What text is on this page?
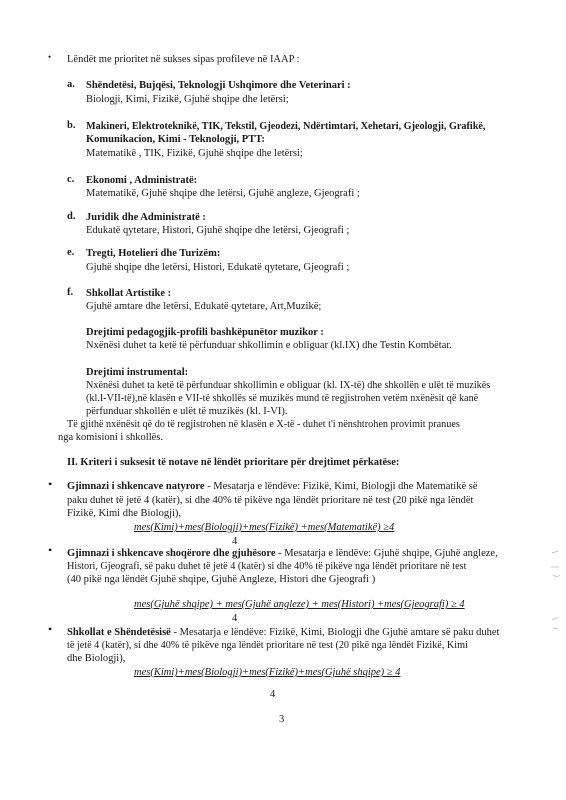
• Lëndët me prioritet në sukses sipas profileve në IAAP :
a. Shëndetësi, Bujqësi, Teknologji Ushqimore dhe Veterinari :
Biologji, Kimi, Fizikë, Gjuhë shqipe dhe letërsi;
b. Makineri, Elektroteknikë, TIK, Tekstil, Gjeodezi, Ndërtimtari, Xehetari, Gjeologji, Grafikë,
Komunikacion, Kimi - Teknologji, PTT:
Matematikë , TIK, Fizikë, Gjuhë shqipe dhe letërsi;
c. Ekonomi , Administratë:
Matematikë, Gjuhë shqipe dhe letërsi, Gjuhë angleze, Gjeografi ;
d. Juridik dhe Administratë :
Edukatë qytetare, Histori, Gjuhë shqipe dhe letërsi, Gjeografi ;
e. Tregti, Hotelieri dhe Turizëm:
Gjuhë shqipe dhe letërsi, Histori, Edukatë qytetare, Gjeografi ;
f. Shkollat Artistike :
Gjuhë amtare dhe letërsi, Edukatë qytetare, Art,Muzikë;
Drejtimi pedagogjik-profili bashkëpunëtor muzikor :
Nxënësi duhet ta ketë të përfunduar shkollimin e obliguar (kl.IX) dhe Testin Kombëtar.
Drejtimi instrumental:
Nxënësi duhet ta ketë të përfunduar shkollimin e obliguar (kl. IX-të) dhe shkollën e ulët të muzikës
(kl.I-VII-të),në klasën e VII-të shkollës së muzikës mund të regjistrohen vetëm nxënësit që kanë
përfunduar shkollën e ulët të muzikës (kl. I-VI).
Të gjithë nxënësit që do të regjistrohen në klasën e X-të - duhet t'i nënshtrohen provimit pranues
nga komisioni i shkollës.
II. Kriteri i suksesit të notave në lëndët prioritare për drejtimet përkatëse:
• Gjimnazi i shkencave natyrore - Mesatarja e lëndëve: Fizikë, Kimi, Biologji dhe Matematikë së
paku duhet të jetë 4 (katër), si dhe 40% të pikëve nga lëndët prioritare në test (20 pikë nga lëndët
Fizikë, Kimi dhe Biologji),
mes(Kimi)+mes(Biologji)+mes(Fizikë) +mes(Matematikë) ≥4
4
• Gjimnazi i shkencave shoqërore dhe gjuhësore - Mesatarja e lëndëve: Gjuhë shqipe, Gjuhë angleze,
Histori, Gjeografi, së paku duhet të jetë 4 (katër) si dhe 40% të pikëve nga lëndët prioritare në test
(40 pikë nga lëndët Gjuhë shqipe, Gjuhë Angleze, Histori dhe Gjeografi )
mes(Gjuhë shqipe) + mes(Gjuhë angleze) + mes(Histori) +mes(Gjeografi) ≥ 4
4
• Shkollat e Shëndetësisë - Mesatarja e lëndëve: Fizikë, Kimi, Biologji dhe Gjuhë amtare së paku duhet
të jetë 4 (katër), si dhe 40% të pikëve nga lëndët prioritare në test (20 pikë nga lëndët Fizikë, Kimi
dhe Biologji),
mes(Kimi)+mes(Biologji)+mes(Fizikë)+mes(Gjuhë shqipe) ≥ 4
4
3
